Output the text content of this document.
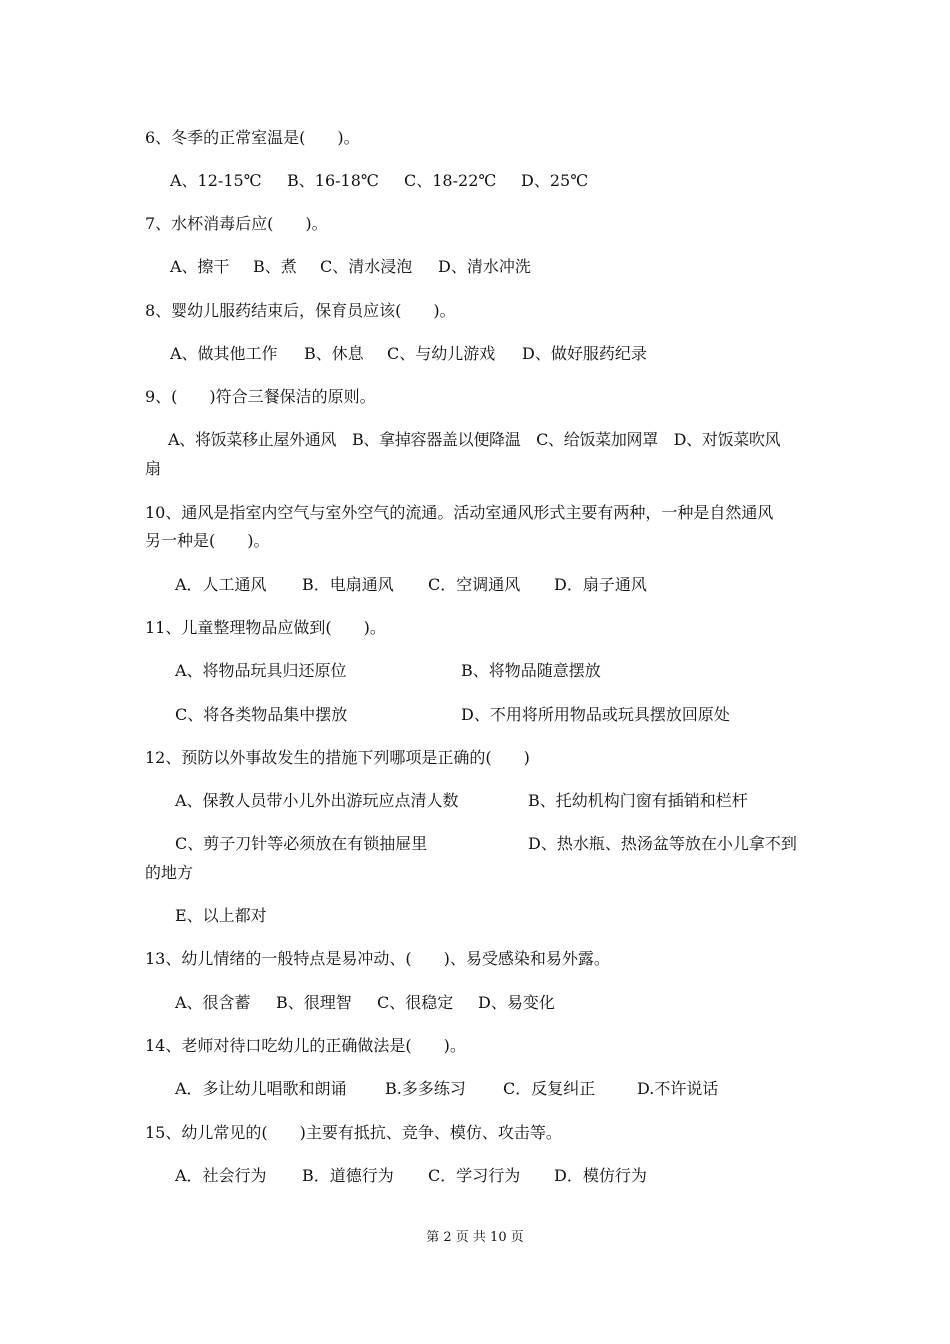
6、冬季的正常室温是(　　)。
A、12-15℃ B、16-18℃ C、18-22℃ D、25℃
7、水杯消毒后应(　　)。
A、擦干 B、煮 C、清水浸泡 D、清水冲洗
8、婴幼儿服药结束后，保育员应该(　　)。
A、做其他工作 B、休息 C、与幼儿游戏 D、做好服药纪录
9、(　　)符合三餐保洁的原则。
A、将饭菜移止屋外通风　B、拿掉容器盖以便降温　C、给饭菜加网罩　D、对饭菜吹风
扇
10、通风是指室内空气与室外空气的流通。活动室通风形式主要有两种，一种是自然通风
另一种是(　　)。
A．人工通风 B．电扇通风 C．空调通风 D．扇子通风
11、儿童整理物品应做到(　　)。
A、将物品玩具归还原位	B、将物品随意摆放
C、将各类物品集中摆放	D、不用将所用物品或玩具摆放回原处
12、预防以外事故发生的措施下列哪项是正确的(　　)
A、保教人员带小儿外出游玩应点清人数	B、托幼机构门窗有插销和栏杆
C、剪子刀针等必须放在有锁抽屉里	D、热水瓶、热汤盆等放在小儿拿不到
的地方
E、以上都对
13、幼儿情绪的一般特点是易冲动、(　　)、易受感染和易外露。
A、很含蓄 B、很理智 C、很稳定 D、易变化
14、老师对待口吃幼儿的正确做法是(　　)。
A．多让幼儿唱歌和朗诵 B.多多练习 C．反复纠正	D.不许说话
15、幼儿常见的(　　)主要有抵抗、竞争、模仿、攻击等。
A．社会行为 B．道德行为 C．学习行为 D．模仿行为
第 2 页 共 10 页
